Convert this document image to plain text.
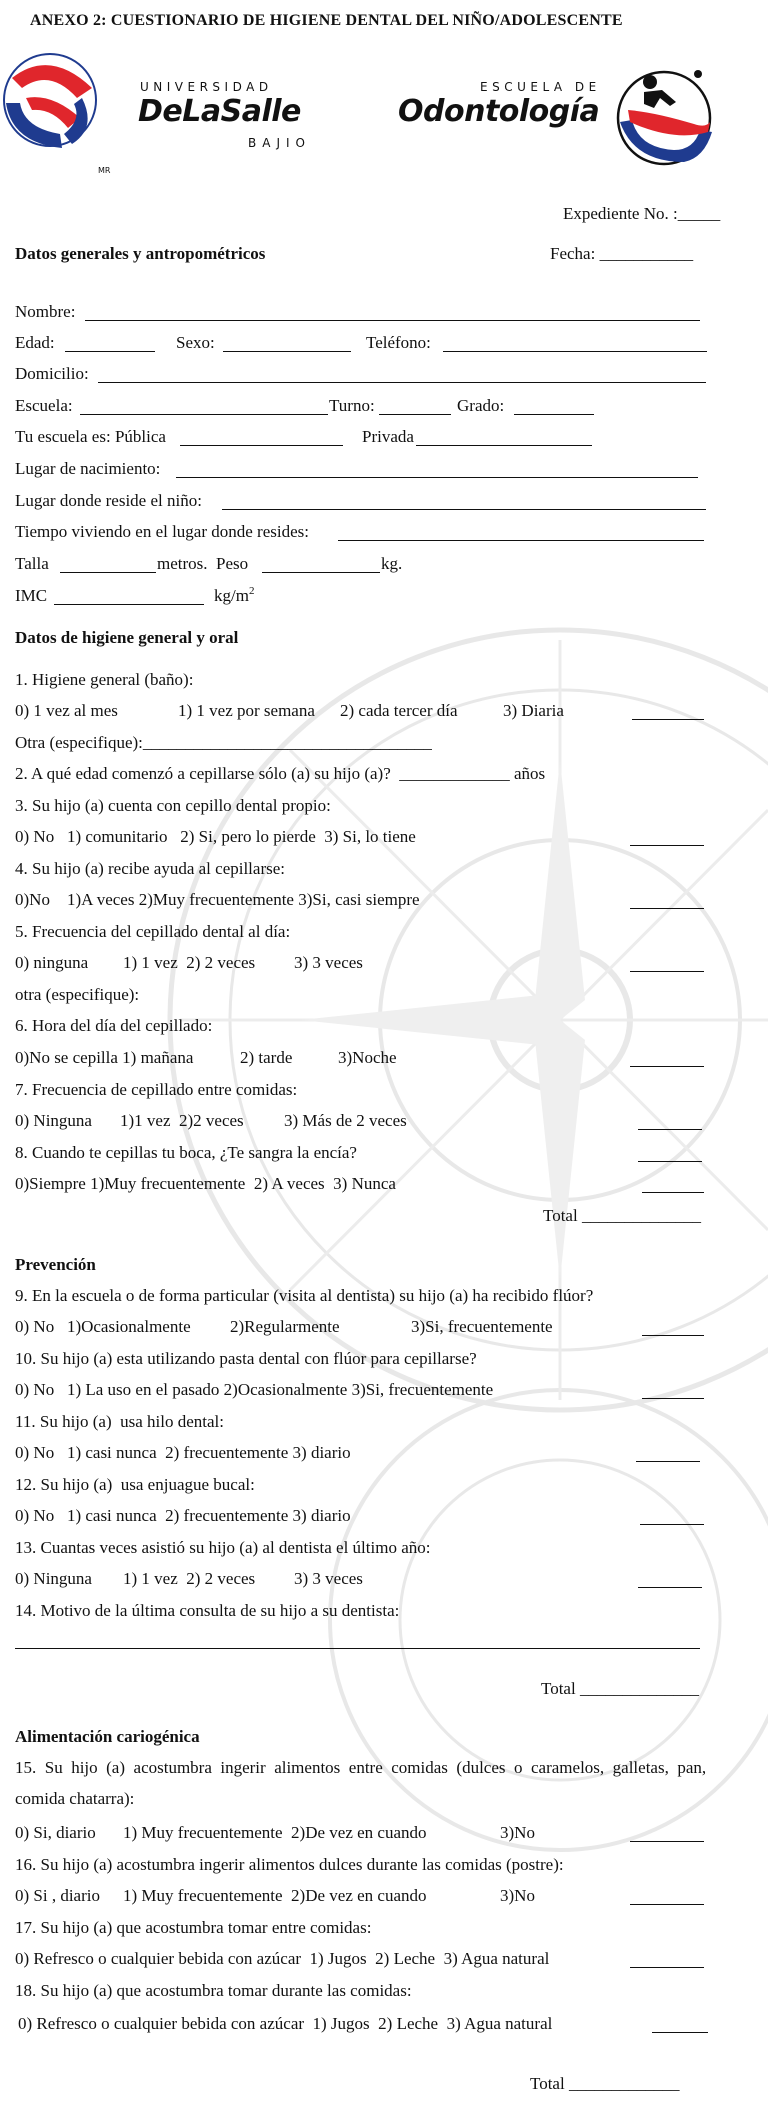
ANEXO 2: CUESTIONARIO DE HIGIENE DENTAL DEL NIÑO/ADOLESCENTE
MR
UNIVERSIDAD
DeLaSalle
BAJIO
ESCUELA DE
Odontología
Expediente No. :_____
Datos generales y antropométricos	Fecha: ___________
Nombre:
Edad:	Sexo:	Teléfono:
Domicilio:
Escuela:	Turno:	Grado:
Tu escuela es: Pública	Privada
Lugar de nacimiento:
Lugar donde reside el niño:
Tiempo viviendo en el lugar donde resides:
Talla	metros.  Peso	kg.
IMC	$kg/m^2$
Datos de higiene general y oral
1. Higiene general (baño):
0) 1 vez al mes	1) 1 vez por semana 2) cada tercer día	3) Diaria
Otra (especifique):__________________________________
2. A qué edad comenzó a cepillarse sólo (a) su hijo (a)?  _____________ años
3. Su hijo (a) cuenta con cepillo dental propio:
0) No   1) comunitario   2) Si, pero lo pierde  3) Si, lo tiene
4. Su hijo (a) recibe ayuda al cepillarse:
0)No    1)A veces 2)Muy frecuentemente 3)Si, casi siempre
5. Frecuencia del cepillado dental al día:
0) ninguna 1) 1 vez  2) 2 veces 3) 3 veces
otra (especifique):
6. Hora del día del cepillado:
0)No se cepilla 1) mañana	2) tarde	3)Noche
7. Frecuencia de cepillado entre comidas:
0) Ninguna 1)1 vez  2)2 veces 3) Más de 2 veces
8. Cuando te cepillas tu boca, ¿Te sangra la encía?
0)Siempre 1)Muy frecuentemente  2) A veces  3) Nunca
Total ______________
Prevención
9. En la escuela o de forma particular (visita al dentista) su hijo (a) ha recibido flúor?
0) No   1)Ocasionalmente 2)Regularmente	3)Si, frecuentemente
10. Su hijo (a) esta utilizando pasta dental con flúor para cepillarse?
0) No   1) La uso en el pasado 2)Ocasionalmente 3)Si, frecuentemente
11. Su hijo (a)  usa hilo dental:
0) No   1) casi nunca  2) frecuentemente 3) diario
12. Su hijo (a)  usa enjuague bucal:
0) No   1) casi nunca  2) frecuentemente 3) diario
13. Cuantas veces asistió su hijo (a) al dentista el último año:
0) Ninguna 1) 1 vez  2) 2 veces 3) 3 veces
14. Motivo de la última consulta de su hijo a su dentista:
Total ______________
Alimentación cariogénica
15.  Su  hijo  (a)  acostumbra  ingerir  alimentos  entre  comidas  (dulces  o  caramelos,  galletas,  pan,
comida chatarra):
0) Si, diario 1) Muy frecuentemente  2)De vez en cuando	3)No
16. Su hijo (a) acostumbra ingerir alimentos dulces durante las comidas (postre):
0) Si , diario 1) Muy frecuentemente  2)De vez en cuando	3)No
17. Su hijo (a) que acostumbra tomar entre comidas:
0) Refresco o cualquier bebida con azúcar  1) Jugos  2) Leche  3) Agua natural
18. Su hijo (a) que acostumbra tomar durante las comidas:
0) Refresco o cualquier bebida con azúcar  1) Jugos  2) Leche  3) Agua natural
Total _____________
